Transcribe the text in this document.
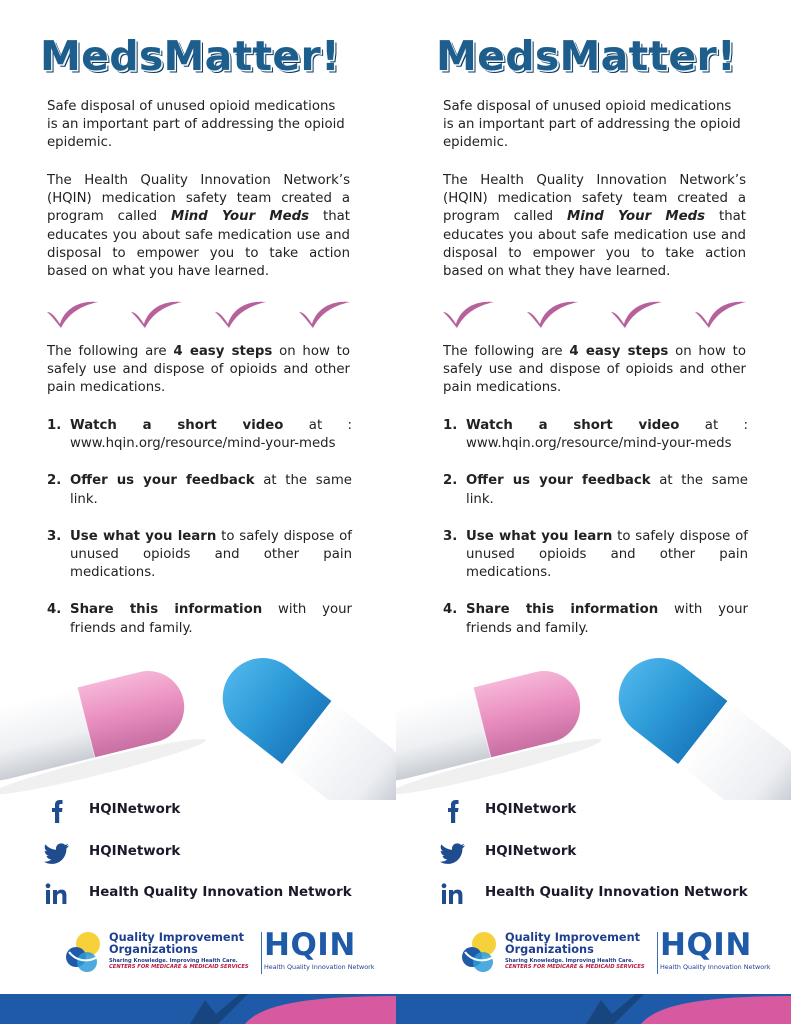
MedsMatter!
Safe disposal of unused opioid medications is an important part of addressing the opioid epidemic.
The Health Quality Innovation Network’s (HQIN) medication safety team created a program called Mind Your Meds that educates you about safe medication use and disposal to empower you to take action based on what you have learned.
The following are 4 easy steps on how to safely use and dispose of opioids and other pain medications.
1. Watch a short video at : www.hqin.org/resource/mind-your-meds
2. Offer us your feedback at the same link.
3. Use what you learn to safely dispose of unused opioids and other pain medications.
4. Share this information with your friends and family.
HQINetwork
HQINetwork
Health Quality Innovation Network
Quality Improvement Organizations
Sharing Knowledge. Improving Health Care.
CENTERS FOR MEDICARE & MEDICAID SERVICES
HQIN
Health Quality Innovation Network
MedsMatter!
Safe disposal of unused opioid medications is an important part of addressing the opioid epidemic.
The Health Quality Innovation Network’s (HQIN) medication safety team created a program called Mind Your Meds that educates you about safe medication use and disposal to empower you to take action based on what they have learned.
The following are 4 easy steps on how to safely use and dispose of opioids and other pain medications.
1. Watch a short video at : www.hqin.org/resource/mind-your-meds
2. Offer us your feedback at the same link.
3. Use what you learn to safely dispose of unused opioids and other pain medications.
4. Share this information with your friends and family.
HQINetwork
HQINetwork
Health Quality Innovation Network
Quality Improvement Organizations
Sharing Knowledge. Improving Health Care.
CENTERS FOR MEDICARE & MEDICAID SERVICES
HQIN
Health Quality Innovation Network
